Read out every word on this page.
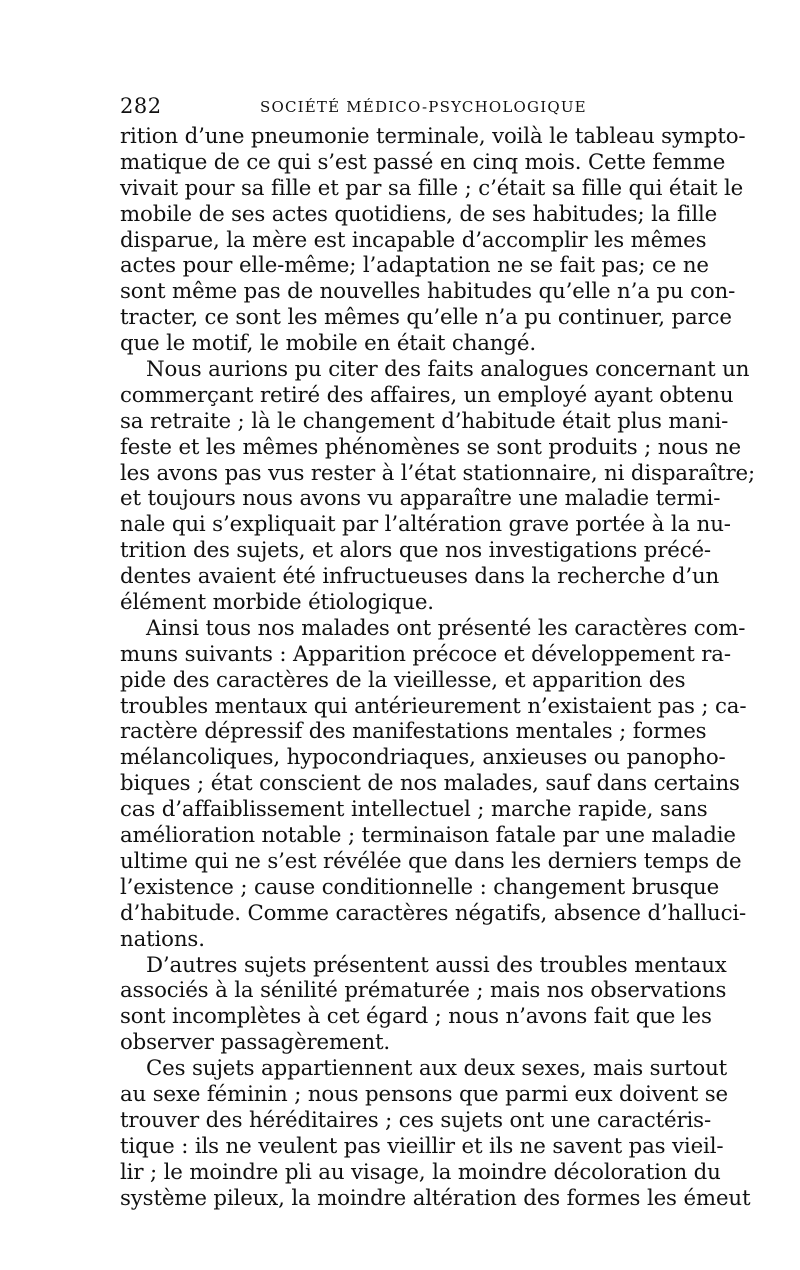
282	SOCIÉTÉ MÉDICO-PSYCHOLOGIQUE
rition d’une pneumonie terminale, voilà le tableau sympto-
matique de ce qui s’est passé en cinq mois. Cette femme
vivait pour sa fille et par sa fille ; c’était sa fille qui était le
mobile de ses actes quotidiens, de ses habitudes; la fille
disparue, la mère est incapable d’accomplir les mêmes
actes pour elle-même; l’adaptation ne se fait pas; ce ne
sont même pas de nouvelles habitudes qu’elle n’a pu con-
tracter, ce sont les mêmes qu’elle n’a pu continuer, parce
que le motif, le mobile en était changé.
Nous aurions pu citer des faits analogues concernant un
commerçant retiré des affaires, un employé ayant obtenu
sa retraite ; là le changement d’habitude était plus mani-
feste et les mêmes phénomènes se sont produits ; nous ne
les avons pas vus rester à l’état stationnaire, ni disparaître;
et toujours nous avons vu apparaître une maladie termi-
nale qui s’expliquait par l’altération grave portée à la nu-
trition des sujets, et alors que nos investigations précé-
dentes avaient été infructueuses dans la recherche d’un
élément morbide étiologique.
Ainsi tous nos malades ont présenté les caractères com-
muns suivants : Apparition précoce et développement ra-
pide des caractères de la vieillesse, et apparition des
troubles mentaux qui antérieurement n’existaient pas ; ca-
ractère dépressif des manifestations mentales ; formes
mélancoliques, hypocondriaques, anxieuses ou panopho-
biques ; état conscient de nos malades, sauf dans certains
cas d’affaiblissement intellectuel ; marche rapide, sans
amélioration notable ; terminaison fatale par une maladie
ultime qui ne s’est révélée que dans les derniers temps de
l’existence ; cause conditionnelle : changement brusque
d’habitude. Comme caractères négatifs, absence d’halluci-
nations.
D’autres sujets présentent aussi des troubles mentaux
associés à la sénilité prématurée ; mais nos observations
sont incomplètes à cet égard ; nous n’avons fait que les
observer passagèrement.
Ces sujets appartiennent aux deux sexes, mais surtout
au sexe féminin ; nous pensons que parmi eux doivent se
trouver des héréditaires ; ces sujets ont une caractéris-
tique : ils ne veulent pas vieillir et ils ne savent pas vieil-
lir ; le moindre pli au visage, la moindre décoloration du
système pileux, la moindre altération des formes les émeut
